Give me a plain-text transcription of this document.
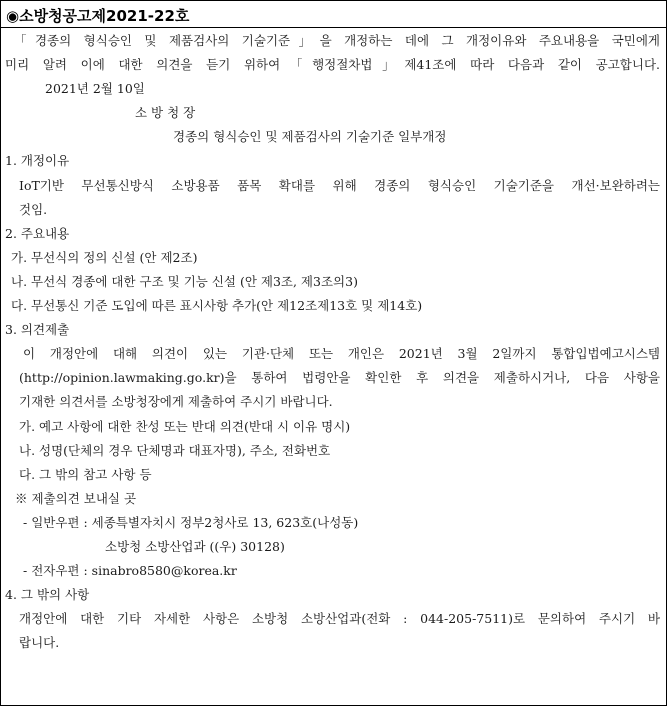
◉소방청공고제2021-22호
「경종의 형식승인 및 제품검사의 기술기준」을 개정하는 데에 그 개정이유와 주요내용을 국민에게
미리 알려 이에 대한 의견을 듣기 위하여「행정절차법」제41조에 따라 다음과 같이 공고합니다.
2021년 2월 10일
소 방 청 장
경종의 형식승인 및 제품검사의 기술기준 일부개정
1. 개정이유
IoT기반 무선통신방식 소방용품 품목 확대를 위해 경종의 형식승인 기술기준을 개선·보완하려는
것임.
2. 주요내용
가. 무선식의 정의 신설 (안 제2조)
나. 무선식 경종에 대한 구조 및 기능 신설 (안 제3조, 제3조의3)
다. 무선통신 기준 도입에 따른 표시사항 추가(안 제12조제13호 및 제14호)
3. 의견제출
이 개정안에 대해 의견이 있는 기관·단체 또는 개인은 2021년 3월 2일까지 통합입법예고시스템
(http://opinion.lawmaking.go.kr)을 통하여 법령안을 확인한 후 의견을 제출하시거나, 다음 사항을
기재한 의견서를 소방청장에게 제출하여 주시기 바랍니다.
가. 예고 사항에 대한 찬성 또는 반대 의견(반대 시 이유 명시)
나. 성명(단체의 경우 단체명과 대표자명), 주소, 전화번호
다. 그 밖의 참고 사항 등
※ 제출의견 보내실 곳
- 일반우편 : 세종특별자치시 정부2청사로 13, 623호(나성동)
소방청 소방산업과 ((우) 30128)
- 전자우편 : sinabro8580@korea.kr
4. 그 밖의 사항
개정안에 대한 기타 자세한 사항은 소방청 소방산업과(전화 : 044-205-7511)로 문의하여 주시기 바
랍니다.
